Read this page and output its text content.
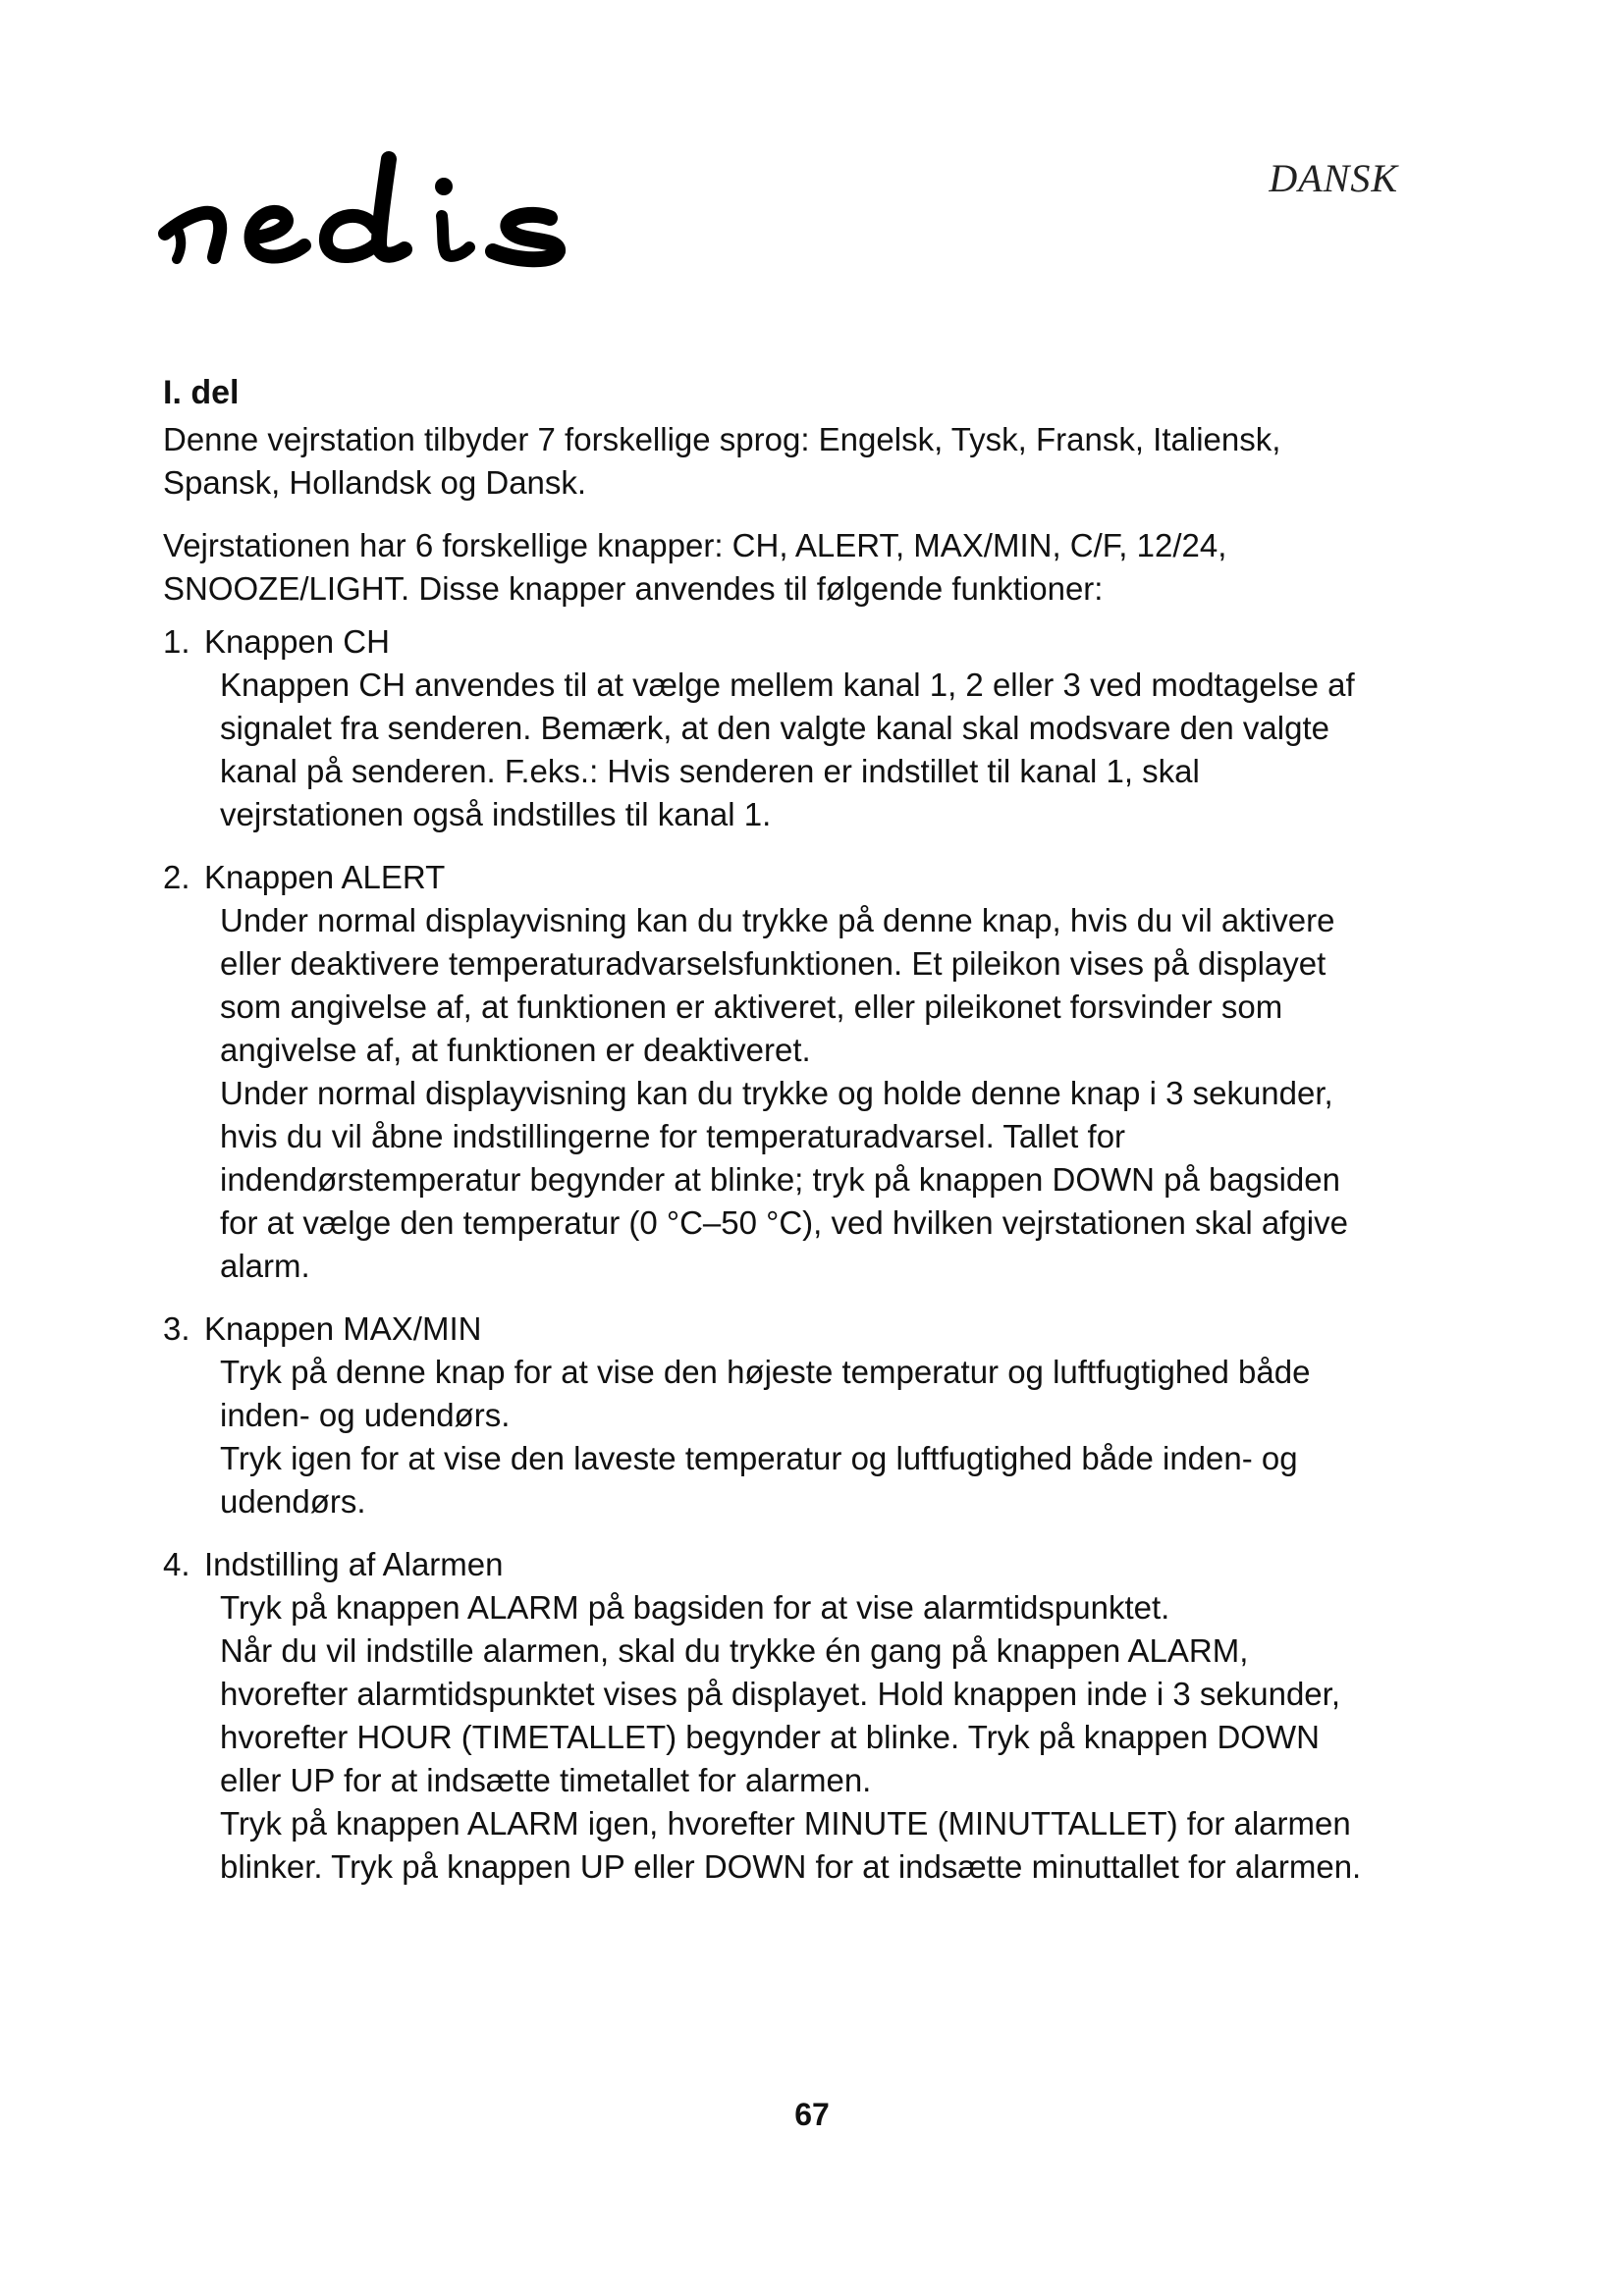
DANSK
I. del

Denne vejrstation tilbyder 7 forskellige sprog: Engelsk, Tysk, Fransk, Italiensk, Spansk, Hollandsk og Dansk.

Vejrstationen har 6 forskellige knapper: CH, ALERT, MAX/MIN, C/F, 12/24, SNOOZE/LIGHT. Disse knapper anvendes til følgende funktioner:

1. Knappen CH

Knappen CH anvendes til at vælge mellem kanal 1, 2 eller 3 ved modtagelse af signalet fra senderen. Bemærk, at den valgte kanal skal modsvare den valgte kanal på senderen. F.eks.: Hvis senderen er indstillet til kanal 1, skal vejrstationen også indstilles til kanal 1.

2. Knappen ALERT

Under normal displayvisning kan du trykke på denne knap, hvis du vil aktivere eller deaktivere temperaturadvarselsfunktionen. Et pileikon vises på displayet som angivelse af, at funktionen er aktiveret, eller pileikonet forsvinder som angivelse af, at funktionen er deaktiveret.

Under normal displayvisning kan du trykke og holde denne knap i 3 sekunder, hvis du vil åbne indstillingerne for temperaturadvarsel. Tallet for indendørstemperatur begynder at blinke; tryk på knappen DOWN på bagsiden for at vælge den temperatur (0 °C–50 °C), ved hvilken vejrstationen skal afgive alarm.

3. Knappen MAX/MIN

Tryk på denne knap for at vise den højeste temperatur og luftfugtighed både inden- og udendørs.

Tryk igen for at vise den laveste temperatur og luftfugtighed både inden- og udendørs.

4. Indstilling af Alarmen

Tryk på knappen ALARM på bagsiden for at vise alarmtidspunktet.

Når du vil indstille alarmen, skal du trykke én gang på knappen ALARM, hvorefter alarmtidspunktet vises på displayet. Hold knappen inde i 3 sekunder, hvorefter HOUR (TIMETALLET) begynder at blinke. Tryk på knappen DOWN eller UP for at indsætte timetallet for alarmen.

Tryk på knappen ALARM igen, hvorefter MINUTE (MINUTTALLET) for alarmen blinker. Tryk på knappen UP eller DOWN for at indsætte minuttallet for alarmen.

67
